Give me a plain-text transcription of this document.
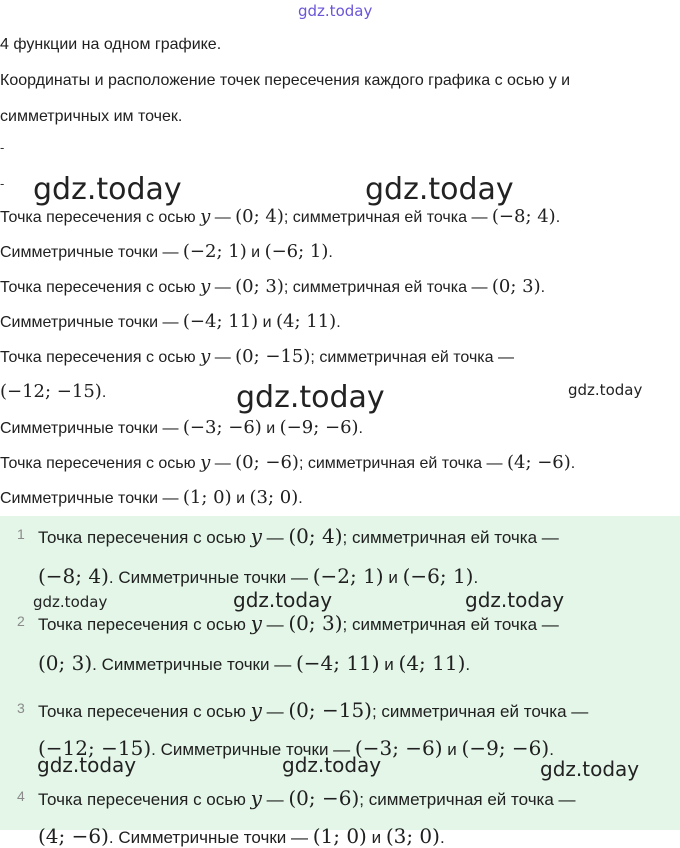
gdz.today
4 функции на одном графике.
Координаты и расположение точек пересечения каждого графика с осью y и
симметричных им точек.
-
- gdz.today	gdz.today
gdz.today	gdz.today
Точка пересечения с осью y — (0; 4); симметричная ей точка — (−8; 4).
Симметричные точки — (−2; 1) и (−6; 1).
Точка пересечения с осью y — (0; 3); симметричная ей точка — (0; 3).
Симметричные точки — (−4; 11) и (4; 11).
Точка пересечения с осью y — (0; −15); симметричная ей точка —
(−12; −15).
Симметричные точки — (−3; −6) и (−9; −6).
Точка пересечения с осью y — (0; −6); симметричная ей точка — (4; −6).
Симметричные точки — (1; 0) и (3; 0).
1 Точка пересечения с осью y — (0; 4); симметричная ей точка —
(−8; 4). Симметричные точки — (−2; 1) и (−6; 1).
2 Точка пересечения с осью y — (0; 3); симметричная ей точка —
(0; 3). Симметричные точки — (−4; 11) и (4; 11).
3 Точка пересечения с осью y — (0; −15); симметричная ей точка —
(−12; −15). Симметричные точки — (−3; −6) и (−9; −6).
4 Точка пересечения с осью y — (0; −6); симметричная ей точка —
(4; −6). Симметричные точки — (1; 0) и (3; 0).
gdz.today	gdz.today	gdz.today
gdz.today	gdz.today	gdz.today
